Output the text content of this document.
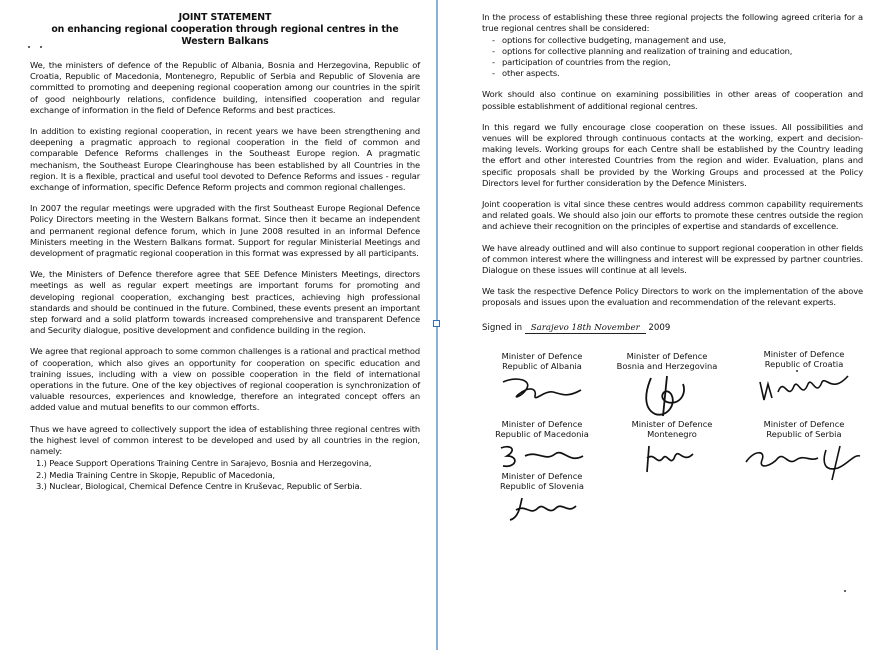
JOINT STATEMENT
on enhancing regional cooperation through regional centres in the
Western Balkans

We, the ministers of defence of the Republic of Albania, Bosnia and Herzegovina, Republic of Croatia, Republic of Macedonia, Montenegro, Republic of Serbia and Republic of Slovenia are committed to promoting and deepening regional cooperation among our countries in the spirit of good neighbourly relations, confidence building, intensified cooperation and regular exchange of information in the field of Defence Reforms and best practices.

In addition to existing regional cooperation, in recent years we have been strengthening and deepening a pragmatic approach to regional cooperation in the field of common and comparable Defence Reforms challenges in the Southeast Europe region. A pragmatic mechanism, the Southeast Europe Clearinghouse has been established by all Countries in the region. It is a flexible, practical and useful tool devoted to Defence Reforms and issues - regular exchange of information, specific Defence Reform projects and common regional challenges.

In 2007 the regular meetings were upgraded with the first Southeast Europe Regional Defence Policy Directors meeting in the Western Balkans format. Since then it became an independent and permanent regional defence forum, which in June 2008 resulted in an informal Defence Ministers meeting in the Western Balkans format. Support for regular Ministerial Meetings and development of pragmatic regional cooperation in this format was expressed by all participants.

We, the Ministers of Defence therefore agree that SEE Defence Ministers Meetings, directors meetings as well as regular expert meetings are important forums for promoting and developing regional cooperation, exchanging best practices, achieving high professional standards and should be continued in the future. Combined, these events present an important step forward and a solid platform towards increased comprehensive and transparent Defence and Security dialogue, positive development and confidence building in the region.

We agree that regional approach to some common challenges is a rational and practical method of cooperation, which also gives an opportunity for cooperation on specific education and training issues, including with a view on possible cooperation in the field of international operations in the future. One of the key objectives of regional cooperation is synchronization of valuable resources, experiences and knowledge, therefore an integrated concept offers an added value and mutual benefits to our common efforts.

Thus we have agreed to collectively support the idea of establishing three regional centres with the highest level of common interest to be developed and used by all countries in the region, namely:

1.) Peace Support Operations Training Centre in Sarajevo, Bosnia and Herzegovina,
2.) Media Training Centre in Skopje, Republic of Macedonia,
3.) Nuclear, Biological, Chemical Defence Centre in Kruševac, Republic of Serbia.

In the process of establishing these three regional projects the following agreed criteria for a true regional centres shall be considered:

- options for collective budgeting, management and use,
- options for collective planning and realization of training and education,
- participation of countries from the region,
- other aspects.

Work should also continue on examining possibilities in other areas of cooperation and possible establishment of additional regional centres.

In this regard we fully encourage close cooperation on these issues. All possibilities and venues will be explored through continuous contacts at the working, expert and decision-making levels. Working groups for each Centre shall be established by the Country leading the effort and other interested Countries from the region and wider. Evaluation, plans and specific proposals shall be provided by the Working Groups and processed at the Policy Directors level for further consideration by the Defence Ministers.

Joint cooperation is vital since these centres would address common capability requirements and related goals. We should also join our efforts to promote these centres outside the region and achieve their recognition on the principles of expertise and standards of excellence.

We have already outlined and will also continue to support regional cooperation in other fields of common interest where the willingness and interest will be expressed by partner countries. Dialogue on these issues will continue at all levels.

We task the respective Defence Policy Directors to work on the implementation of the above proposals and issues upon the evaluation and recommendation of the relevant experts.

Signed in Sarajevo 18th November 2009
Minister of Defence
Republic of Albania
Minister of Defence
Bosnia and Herzegovina
Minister of Defence
Republic of Croatia
Minister of Defence
Republic of Macedonia
Minister of Defence
Montenegro
Minister of Defence
Republic of Serbia
Minister of Defence
Republic of Slovenia
